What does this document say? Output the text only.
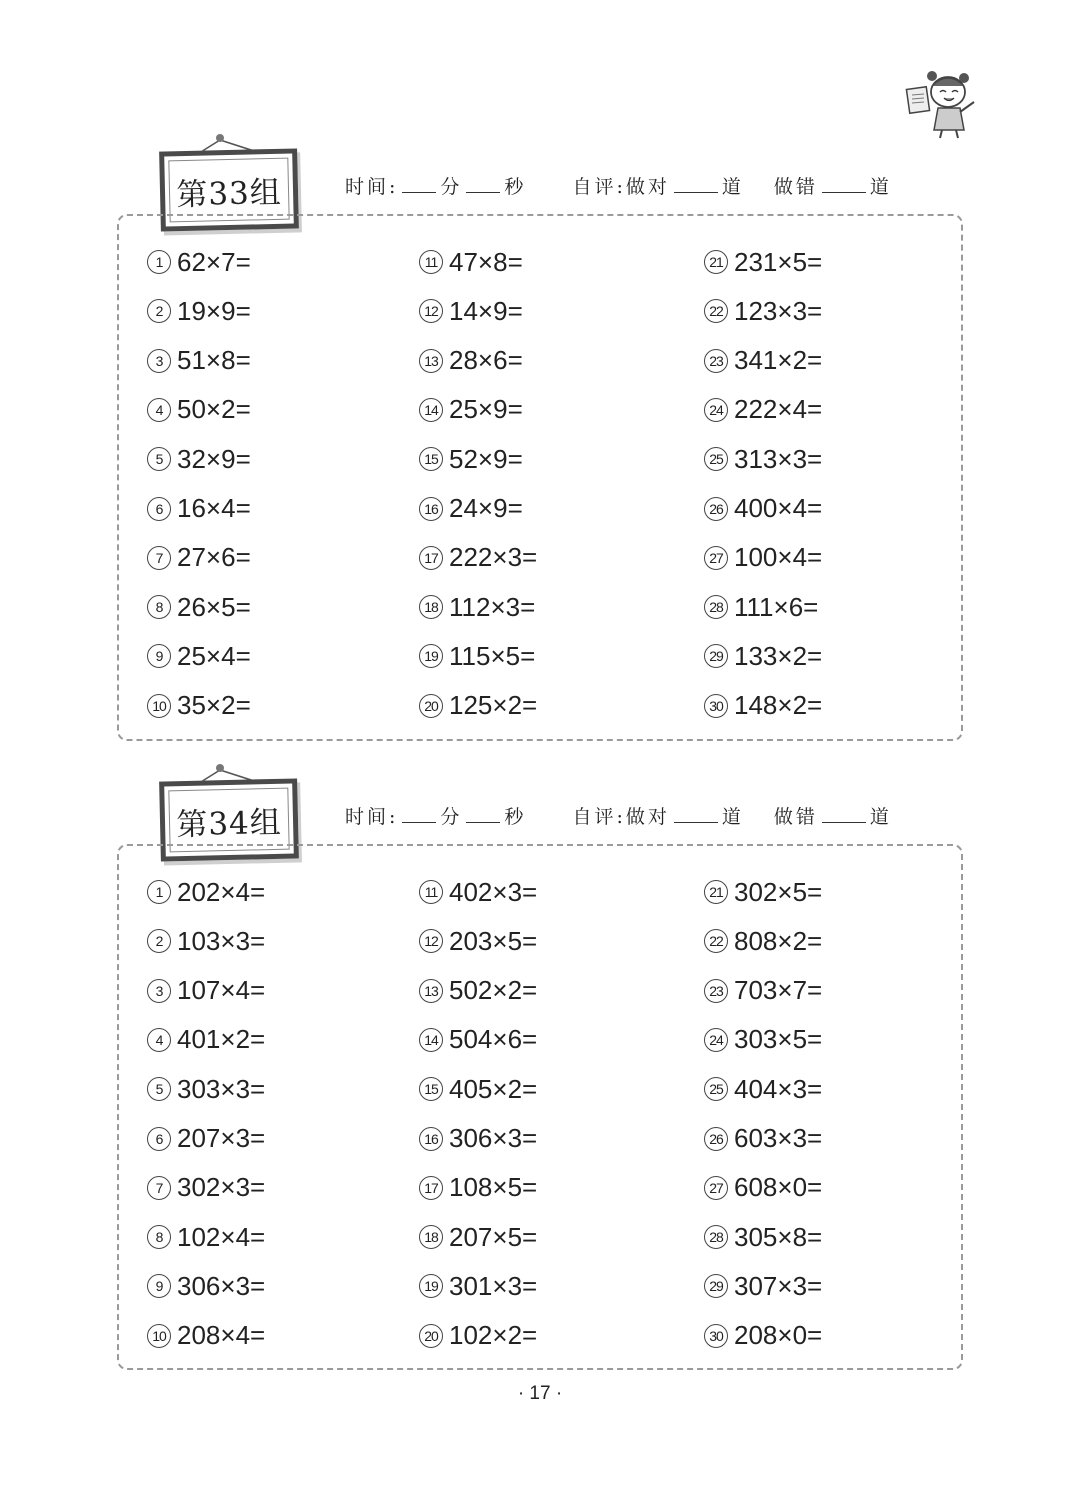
第33组	时间: 分 秒 自评:做对	道 做错	道
1 62×7=
2 19×9=
3 51×8=
4 50×2=
5 32×9=
6 16×4=
7 27×6=
8 26×5=
9 25×4=
10 35×2=
11 47×8=
12 14×9=
13 28×6=
14 25×9=
15 52×9=
16 24×9=
17 222×3=
18 112×3=
19 115×5=
20 125×2=
21 231×5=
22 123×3=
23 341×2=
24 222×4=
25 313×3=
26 400×4=
27 100×4=
28 111×6=
29 133×2=
30 148×2=
第34组	时间: 分 秒 自评:做对	道 做错	道
1 202×4=
2 103×3=
3 107×4=
4 401×2=
5 303×3=
6 207×3=
7 302×3=
8 102×4=
9 306×3=
10 208×4=
11 402×3=
12 203×5=
13 502×2=
14 504×6=
15 405×2=
16 306×3=
17 108×5=
18 207×5=
19 301×3=
20 102×2=
21 302×5=
22 808×2=
23 703×7=
24 303×5=
25 404×3=
26 603×3=
27 608×0=
28 305×8=
29 307×3=
30 208×0=
· 17 ·
